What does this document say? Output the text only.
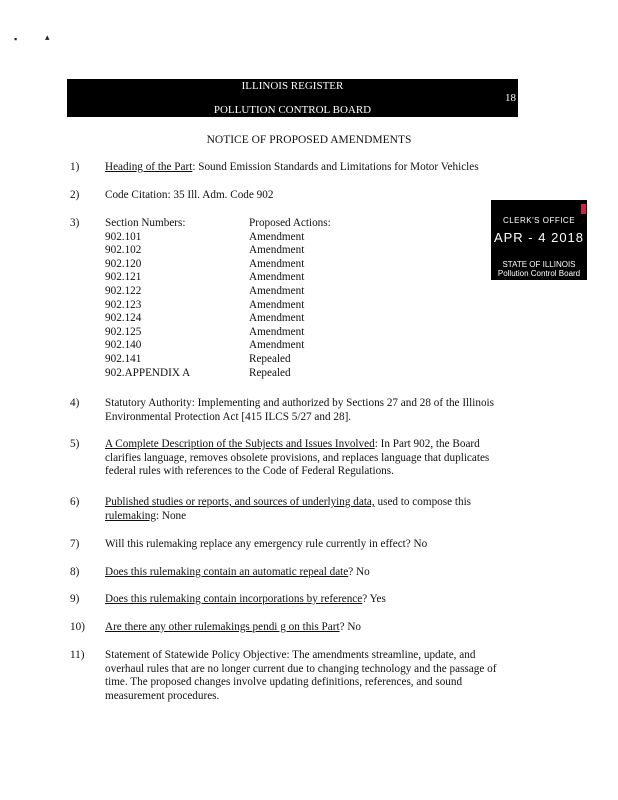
▪	▴
ILLINOIS REGISTER
18
POLLUTION CONTROL BOARD
NOTICE OF PROPOSED AMENDMENTS
1) Heading of the Part: Sound Emission Standards and Limitations for Motor Vehicles
2) Code Citation: 35 Ill. Adm. Code 902
3) Section Numbers:	Proposed Actions:
902.101	Amendment
902.102	Amendment
902.120	Amendment
902.121	Amendment
902.122	Amendment
902.123	Amendment
902.124	Amendment
902.125	Amendment
902.140	Amendment
902.141	Repealed
902.APPENDIX A	Repealed
CLERK'S OFFICE
APR - 4 2018
STATE OF ILLINOIS
Pollution Control Board
4) Statutory Authority: Implementing and authorized by Sections 27 and 28 of the Illinois
Environmental Protection Act [415 ILCS 5/27 and 28].
5) A Complete Description of the Subjects and Issues Involved: In Part 902, the Board
clarifies language, removes obsolete provisions, and replaces language that duplicates
federal rules with references to the Code of Federal Regulations.
6) Published studies or reports, and sources of underlying data, used to compose this
rulemaking: None
7) Will this rulemaking replace any emergency rule currently in effect? No
8) Does this rulemaking contain an automatic repeal date? No
9) Does this rulemaking contain incorporations by reference? Yes
10) Are there any other rulemakings pendi g on this Part? No
11) Statement of Statewide Policy Objective: The amendments streamline, update, and
overhaul rules that are no longer current due to changing technology and the passage of
time. The proposed changes involve updating definitions, references, and sound
measurement procedures.
